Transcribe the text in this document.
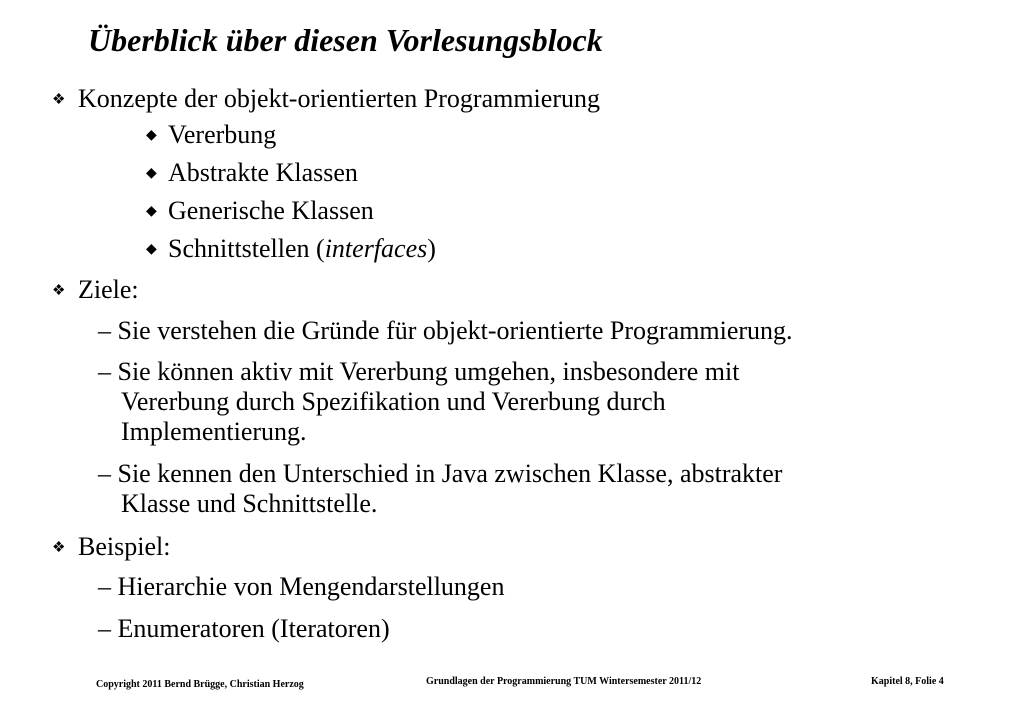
Überblick über diesen Vorlesungsblock
❖ Konzepte der objekt-orientierten Programmierung
◆ Vererbung
◆ Abstrakte Klassen
◆ Generische Klassen
◆ Schnittstellen (interfaces)
❖ Ziele:
– Sie verstehen die Gründe für objekt-orientierte Programmierung.
– Sie können aktiv mit Vererbung umgehen, insbesondere mit
Vererbung durch Spezifikation und Vererbung durch
Implementierung.
– Sie kennen den Unterschied in Java zwischen Klasse, abstrakter
Klasse und Schnittstelle.
❖ Beispiel:
– Hierarchie von Mengendarstellungen
– Enumeratoren (Iteratoren)
Copyright 2011 Bernd Brügge, Christian Herzog	Grundlagen der Programmierung TUM Wintersemester 2011/12	Kapitel 8, Folie 4
